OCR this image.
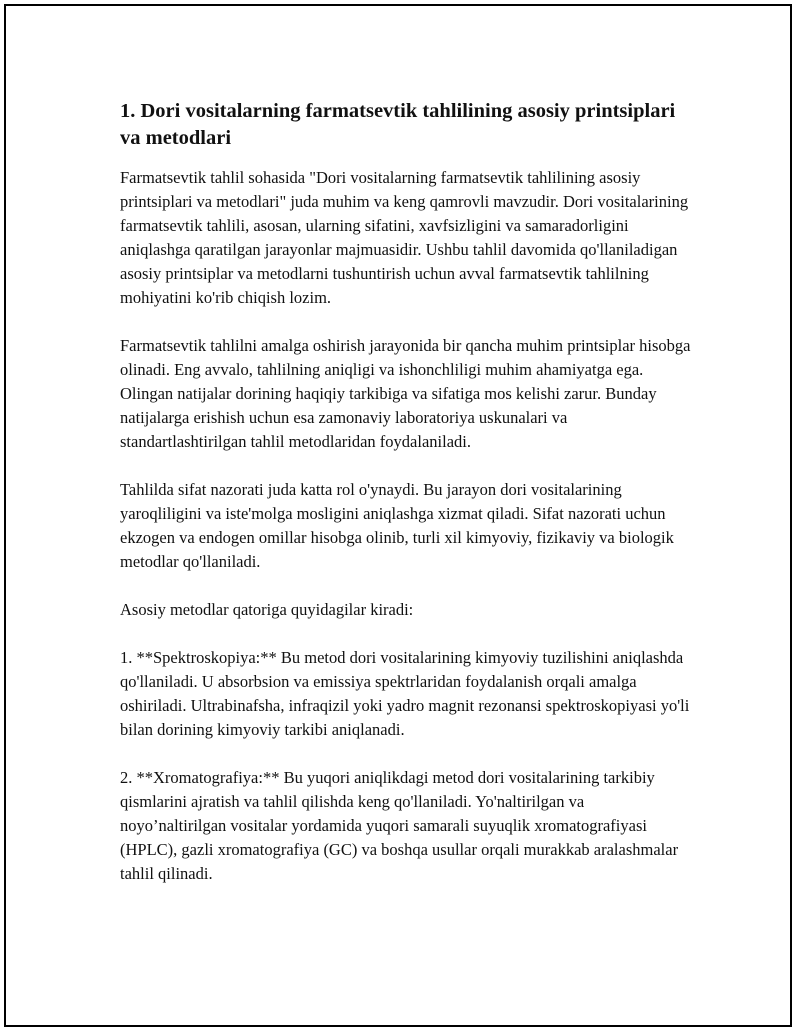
1. Dori vositalarning farmatsevtik tahlilining asosiy printsiplari va metodlari

Farmatsevtik tahlil sohasida "Dori vositalarning farmatsevtik tahlilining asosiy printsiplari va metodlari" juda muhim va keng qamrovli mavzudir. Dori vositalarining farmatsevtik tahlili, asosan, ularning sifatini, xavfsizligini va samaradorligini aniqlashga qaratilgan jarayonlar majmuasidir. Ushbu tahlil davomida qo'llaniladigan asosiy printsiplar va metodlarni tushuntirish uchun avval farmatsevtik tahlilning mohiyatini ko'rib chiqish lozim.

Farmatsevtik tahlilni amalga oshirish jarayonida bir qancha muhim printsiplar hisobga olinadi. Eng avvalo, tahlilning aniqligi va ishonchliligi muhim ahamiyatga ega. Olingan natijalar dorining haqiqiy tarkibiga va sifatiga mos kelishi zarur. Bunday natijalarga erishish uchun esa zamonaviy laboratoriya uskunalari va standartlashtirilgan tahlil metodlaridan foydalaniladi.

Tahlilda sifat nazorati juda katta rol o'ynaydi. Bu jarayon dori vositalarining yaroqliligini va iste'molga mosligini aniqlashga xizmat qiladi. Sifat nazorati uchun ekzogen va endogen omillar hisobga olinib, turli xil kimyoviy, fizikaviy va biologik metodlar qo'llaniladi.

Asosiy metodlar qatoriga quyidagilar kiradi:

1. **Spektroskopiya:** Bu metod dori vositalarining kimyoviy tuzilishini aniqlashda qo'llaniladi. U absorbsion va emissiya spektrlaridan foydalanish orqali amalga oshiriladi. Ultrabinafsha, infraqizil yoki yadro magnit rezonansi spektroskopiyasi yo'li bilan dorining kimyoviy tarkibi aniqlanadi.

2. **Xromatografiya:** Bu yuqori aniqlikdagi metod dori vositalarining tarkibiy qismlarini ajratish va tahlil qilishda keng qo'llaniladi. Yo'naltirilgan va noyo’naltirilgan vositalar yordamida yuqori samarali suyuqlik xromatografiyasi (HPLC), gazli xromatografiya (GC) va boshqa usullar orqali murakkab aralashmalar tahlil qilinadi.
